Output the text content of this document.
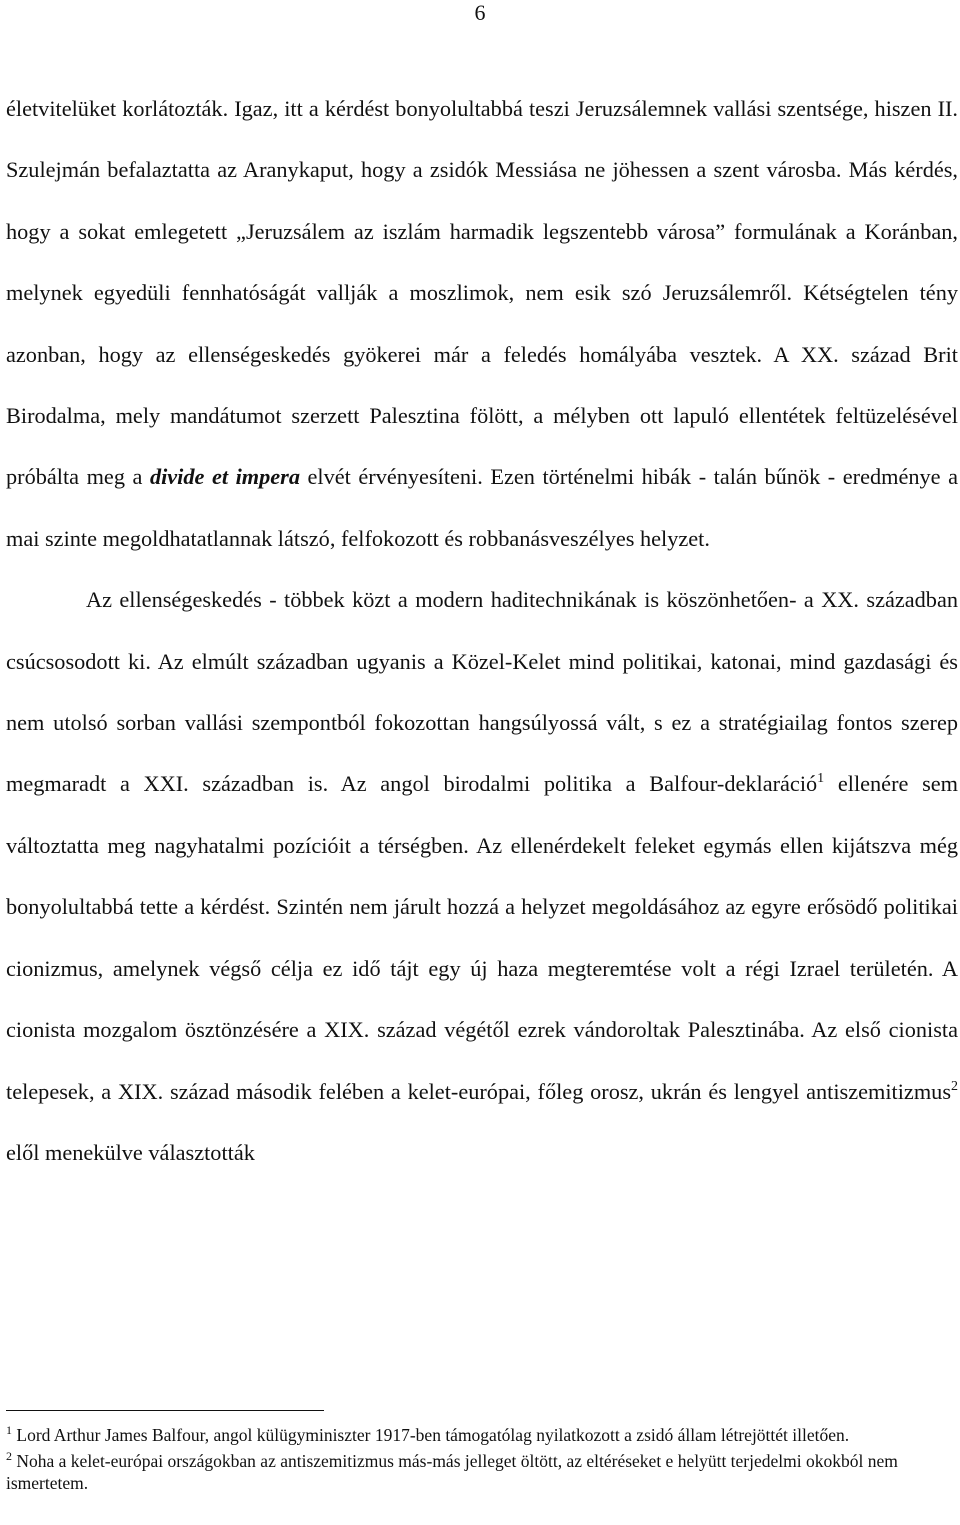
6

életvitelüket korlátozták. Igaz, itt a kérdést bonyolultabbá teszi Jeruzsálemnek vallási szentsége, hiszen II. Szulejmán befalaztatta az Aranykaput, hogy a zsidók Messiása ne jöhessen a szent városba. Más kérdés, hogy a sokat emlegetett „Jeruzsálem az iszlám harmadik legszentebb városa” formulának a Koránban, melynek egyedüli fennhatóságát vallják a moszlimok, nem esik szó Jeruzsálemről. Kétségtelen tény azonban, hogy az ellenségeskedés gyökerei már a feledés homályába vesztek. A XX. század Brit Birodalma, mely mandátumot szerzett Palesztina fölött, a mélyben ott lapuló ellentétek feltüzelésével próbálta meg a divide et impera elvét érvényesíteni. Ezen történelmi hibák - talán bűnök - eredménye a mai szinte megoldhatatlannak látszó, felfokozott és robbanásveszélyes helyzet.

Az ellenségeskedés - többek közt a modern haditechnikának is köszönhetően- a XX. században csúcsosodott ki. Az elmúlt században ugyanis a Közel-Kelet mind politikai, katonai, mind gazdasági és nem utolsó sorban vallási szempontból fokozottan hangsúlyossá vált, s ez a stratégiailag fontos szerep megmaradt a XXI. században is. Az angol birodalmi politika a Balfour-deklaráció$^1$ ellenére sem változtatta meg nagyhatalmi pozícióit a térségben. Az ellenérdekelt feleket egymás ellen kijátszva még bonyolultabbá tette a kérdést. Szintén nem járult hozzá a helyzet megoldásához az egyre erősödő politikai cionizmus, amelynek végső célja ez idő tájt egy új haza megteremtése volt a régi Izrael területén. A cionista mozgalom ösztönzésére a XIX. század végétől ezrek vándoroltak Palesztinába. Az első cionista telepesek, a XIX. század második felében a kelet-európai, főleg orosz, ukrán és lengyel antiszemitizmus$^2$ elől menekülve választották

$^1$ Lord Arthur James Balfour, angol külügyminiszter 1917-ben támogatólag nyilatkozott a zsidó állam létrejöttét illetően.

$^2$ Noha a kelet-európai országokban az antiszemitizmus más-más jelleget öltött, az eltéréseket e helyütt terjedelmi okokból nem ismertetem.
